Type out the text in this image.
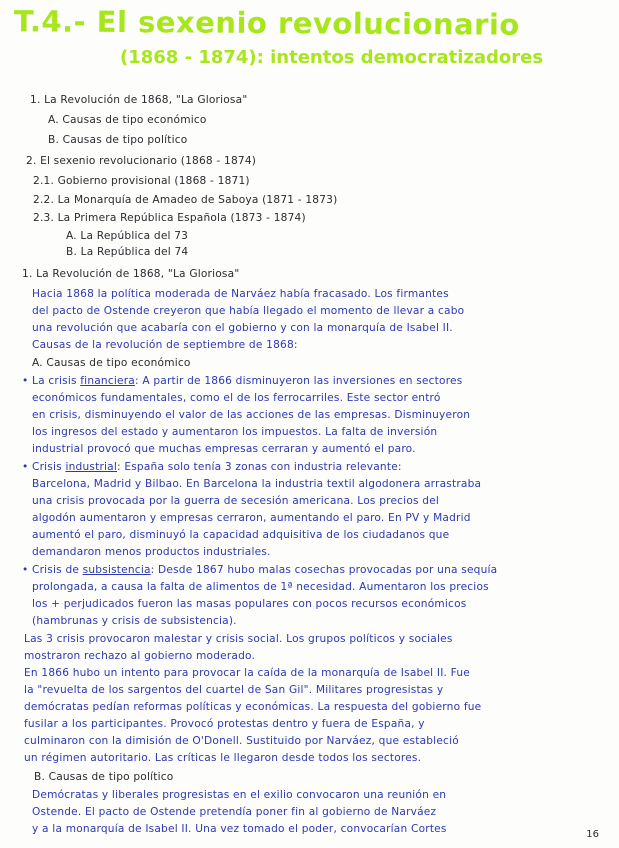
T.4.- El sexenio revolucionario
(1868 - 1874): intentos democratizadores
1. La Revolución de 1868, "La Gloriosa"
A. Causas de tipo económico
B. Causas de tipo político
2. El sexenio revolucionario (1868 - 1874)
2.1. Gobierno provisional (1868 - 1871)
2.2. La Monarquía de Amadeo de Saboya (1871 - 1873)
2.3. La Primera República Española (1873 - 1874)
A. La República del 73
B. La República del 74
1. La Revolución de 1868, "La Gloriosa"
Hacia 1868 la política moderada de Narváez había fracasado. Los firmantes
del pacto de Ostende creyeron que había llegado el momento de llevar a cabo
una revolución que acabaría con el gobierno y con la monarquía de Isabel II.
Causas de la revolución de septiembre de 1868:
A. Causas de tipo económico
• La crisis financiera: A partir de 1866 disminuyeron las inversiones en sectores
económicos fundamentales, como el de los ferrocarriles. Este sector entró
en crisis, disminuyendo el valor de las acciones de las empresas. Disminuyeron
los ingresos del estado y aumentaron los impuestos. La falta de inversión
industrial provocó que muchas empresas cerraran y aumentó el paro.
• Crisis industrial: España solo tenía 3 zonas con industria relevante:
Barcelona, Madrid y Bilbao. En Barcelona la industria textil algodonera arrastraba
una crisis provocada por la guerra de secesión americana. Los precios del
algodón aumentaron y empresas cerraron, aumentando el paro. En PV y Madrid
aumentó el paro, disminuyó la capacidad adquisitiva de los ciudadanos que
demandaron menos productos industriales.
• Crisis de subsistencia: Desde 1867 hubo malas cosechas provocadas por una sequía
prolongada, a causa la falta de alimentos de 1ª necesidad. Aumentaron los precios
los + perjudicados fueron las masas populares con pocos recursos económicos
(hambrunas y crisis de subsistencia).
Las 3 crisis provocaron malestar y crisis social. Los grupos políticos y sociales
mostraron rechazo al gobierno moderado.
En 1866 hubo un intento para provocar la caída de la monarquía de Isabel II. Fue
la "revuelta de los sargentos del cuartel de San Gil". Militares progresistas y
demócratas pedían reformas políticas y económicas. La respuesta del gobierno fue
fusilar a los participantes. Provocó protestas dentro y fuera de España, y
culminaron con la dimisión de O'Donell. Sustituido por Narváez, que estableció
un régimen autoritario. Las críticas le llegaron desde todos los sectores.
B. Causas de tipo político
Demócratas y liberales progresistas en el exilio convocaron una reunión en
Ostende. El pacto de Ostende pretendía poner fin al gobierno de Narváez
y a la monarquía de Isabel II. Una vez tomado el poder, convocarían Cortes	16
